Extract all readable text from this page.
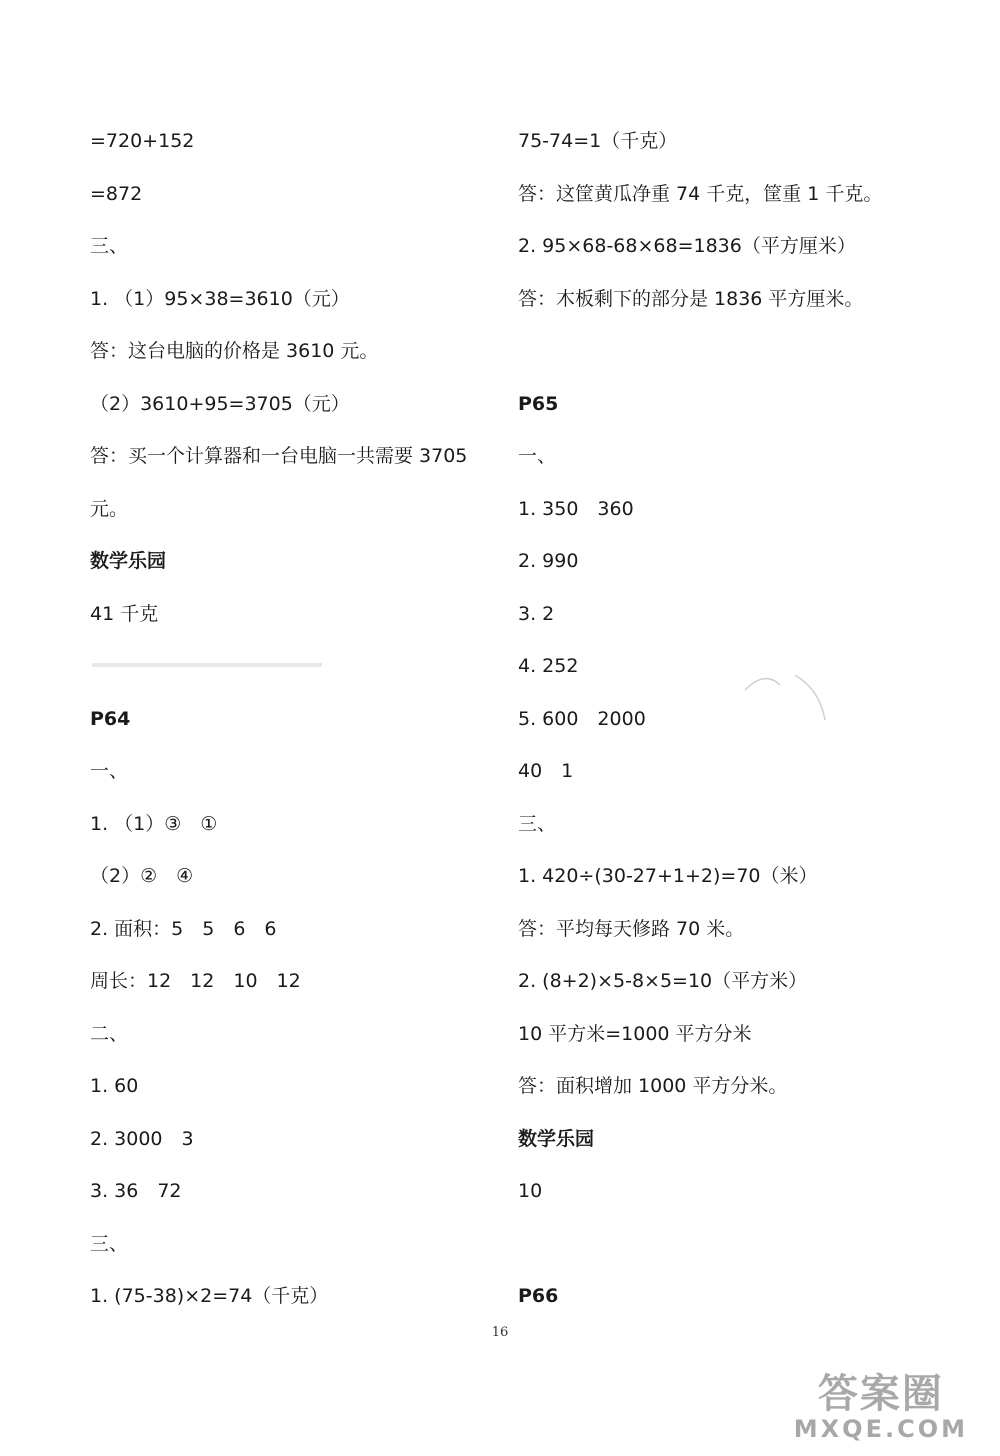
=720+152
=872
三、
1. （1）95×38=3610（元）
答：这台电脑的价格是 3610 元。
（2）3610+95=3705（元）
答：买一个计算器和一台电脑一共需要 3705
元。
数学乐园
41 千克
P64
一、
1. （1）③　①
（2）②　④
2. 面积：5　5　6　6
周长：12　12　10　12
二、
1. 60
2. 3000　3
3. 36　72
三、
1. (75-38)×2=74（千克）
75-74=1（千克）
答：这筐黄瓜净重 74 千克，筐重 1 千克。
2. 95×68-68×68=1836（平方厘米）
答：木板剩下的部分是 1836 平方厘米。
P65
一、
1. 350　360
2. 990
3. 2
4. 252
5. 600　2000
40　1
三、
1. 420÷(30-27+1+2)=70（米）
答：平均每天修路 70 米。
2. (8+2)×5-8×5=10（平方米）
10 平方米=1000 平方分米
答：面积增加 1000 平方分米。
数学乐园
10
P66
16
答案圈
MXQE.COM
